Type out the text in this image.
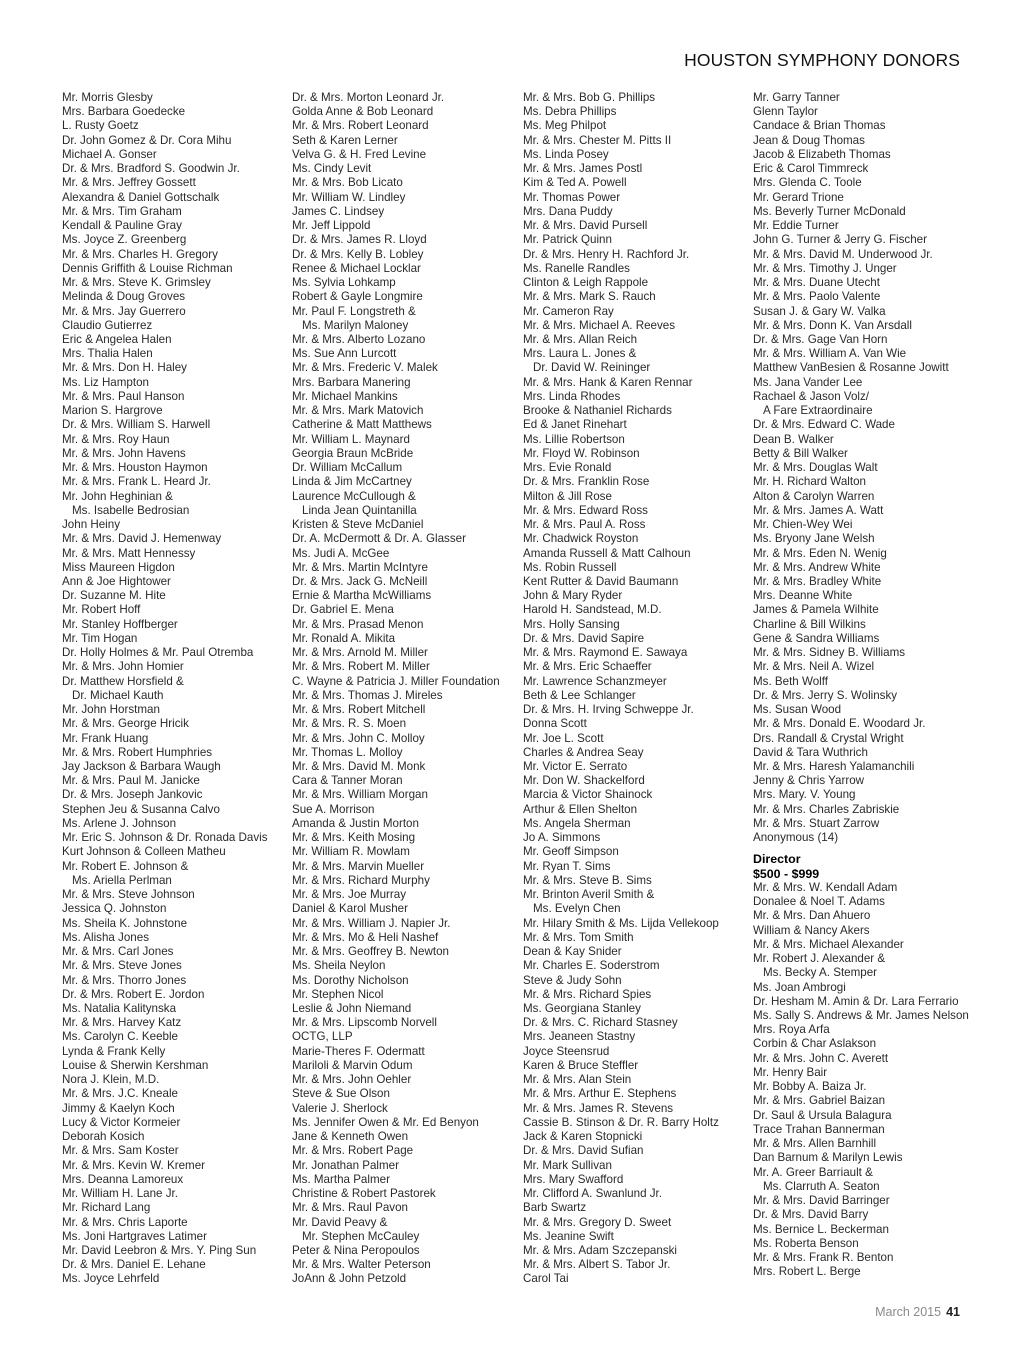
HOUSTON SYMPHONY DONORS
Mr. Morris Glesby
Mrs. Barbara Goedecke
L. Rusty Goetz
Dr. John Gomez & Dr. Cora Mihu
Michael A. Gonser
Dr. & Mrs. Bradford S. Goodwin Jr.
Mr. & Mrs. Jeffrey Gossett
Alexandra & Daniel Gottschalk
Mr. & Mrs. Tim Graham
Kendall & Pauline Gray
Ms. Joyce Z. Greenberg
Mr. & Mrs. Charles H. Gregory
Dennis Griffith & Louise Richman
Mr. & Mrs. Steve K. Grimsley
Melinda & Doug Groves
Mr. & Mrs. Jay Guerrero
Claudio Gutierrez
Eric & Angelea Halen
Mrs. Thalia Halen
Mr. & Mrs. Don H. Haley
Ms. Liz Hampton
Mr. & Mrs. Paul Hanson
Marion S. Hargrove
Dr. & Mrs. William S. Harwell
Mr. & Mrs. Roy Haun
Mr. & Mrs. John Havens
Mr. & Mrs. Houston Haymon
Mr. & Mrs. Frank L. Heard Jr.
Mr. John Heghinian &
Ms. Isabelle Bedrosian
John Heiny
Mr. & Mrs. David J. Hemenway
Mr. & Mrs. Matt Hennessy
Miss Maureen Higdon
Ann & Joe Hightower
Dr. Suzanne M. Hite
Mr. Robert Hoff
Mr. Stanley Hoffberger
Mr. Tim Hogan
Dr. Holly Holmes & Mr. Paul Otremba
Mr. & Mrs. John Homier
Dr. Matthew Horsfield &
Dr. Michael Kauth
Mr. John Horstman
Mr. & Mrs. George Hricik
Mr. Frank Huang
Mr. & Mrs. Robert Humphries
Jay Jackson & Barbara Waugh
Mr. & Mrs. Paul M. Janicke
Dr. & Mrs. Joseph Jankovic
Stephen Jeu & Susanna Calvo
Ms. Arlene J. Johnson
Mr. Eric S. Johnson & Dr. Ronada Davis
Kurt Johnson & Colleen Matheu
Mr. Robert E. Johnson &
Ms. Ariella Perlman
Mr. & Mrs. Steve Johnson
Jessica Q. Johnston
Ms. Sheila K. Johnstone
Ms. Alisha Jones
Mr. & Mrs. Carl Jones
Mr. & Mrs. Steve Jones
Mr. & Mrs. Thorro Jones
Dr. & Mrs. Robert E. Jordon
Ms. Natalia Kalitynska
Mr. & Mrs. Harvey Katz
Ms. Carolyn C. Keeble
Lynda & Frank Kelly
Louise & Sherwin Kershman
Nora J. Klein, M.D.
Mr. & Mrs. J.C. Kneale
Jimmy & Kaelyn Koch
Lucy & Victor Kormeier
Deborah Kosich
Mr. & Mrs. Sam Koster
Mr. & Mrs. Kevin W. Kremer
Mrs. Deanna Lamoreux
Mr. William H. Lane Jr.
Mr. Richard Lang
Mr. & Mrs. Chris Laporte
Ms. Joni Hartgraves Latimer
Mr. David Leebron & Mrs. Y. Ping Sun
Dr. & Mrs. Daniel E. Lehane
Ms. Joyce Lehrfeld
Dr. & Mrs. Morton Leonard Jr.
Golda Anne & Bob Leonard
Mr. & Mrs. Robert Leonard
Seth & Karen Lerner
Velva G. & H. Fred Levine
Ms. Cindy Levit
Mr. & Mrs. Bob Licato
Mr. William W. Lindley
James C. Lindsey
Mr. Jeff Lippold
Dr. & Mrs. James R. Lloyd
Dr. & Mrs. Kelly B. Lobley
Renee & Michael Locklar
Ms. Sylvia Lohkamp
Robert & Gayle Longmire
Mr. Paul F. Longstreth &
Ms. Marilyn Maloney
Mr. & Mrs. Alberto Lozano
Ms. Sue Ann Lurcott
Mr. & Mrs. Frederic V. Malek
Mrs. Barbara Manering
Mr. Michael Mankins
Mr. & Mrs. Mark Matovich
Catherine & Matt Matthews
Mr. William L. Maynard
Georgia Braun McBride
Dr. William McCallum
Linda & Jim McCartney
Laurence McCullough &
Linda Jean Quintanilla
Kristen & Steve McDaniel
Dr. A. McDermott & Dr. A. Glasser
Ms. Judi A. McGee
Mr. & Mrs. Martin McIntyre
Dr. & Mrs. Jack G. McNeill
Ernie & Martha McWilliams
Dr. Gabriel E. Mena
Mr. & Mrs. Prasad Menon
Mr. Ronald A. Mikita
Mr. & Mrs. Arnold M. Miller
Mr. & Mrs. Robert M. Miller
C. Wayne & Patricia J. Miller Foundation
Mr. & Mrs. Thomas J. Mireles
Mr. & Mrs. Robert Mitchell
Mr. & Mrs. R. S. Moen
Mr. & Mrs. John C. Molloy
Mr. Thomas L. Molloy
Mr. & Mrs. David M. Monk
Cara & Tanner Moran
Mr. & Mrs. William Morgan
Sue A. Morrison
Amanda & Justin Morton
Mr. & Mrs. Keith Mosing
Mr. William R. Mowlam
Mr. & Mrs. Marvin Mueller
Mr. & Mrs. Richard Murphy
Mr. & Mrs. Joe Murray
Daniel & Karol Musher
Mr. & Mrs. William J. Napier Jr.
Mr. & Mrs. Mo & Heli Nashef
Mr. & Mrs. Geoffrey B. Newton
Ms. Sheila Neylon
Ms. Dorothy Nicholson
Mr. Stephen Nicol
Leslie & John Niemand
Mr. & Mrs. Lipscomb Norvell
OCTG, LLP
Marie-Theres F. Odermatt
Mariloli & Marvin Odum
Mr. & Mrs. John Oehler
Steve & Sue Olson
Valerie J. Sherlock
Ms. Jennifer Owen & Mr. Ed Benyon
Jane & Kenneth Owen
Mr. & Mrs. Robert Page
Mr. Jonathan Palmer
Ms. Martha Palmer
Christine & Robert Pastorek
Mr. & Mrs. Raul Pavon
Mr. David Peavy &
Mr. Stephen McCauley
Peter & Nina Peropoulos
Mr. & Mrs. Walter Peterson
JoAnn & John Petzold
Mr. & Mrs. Bob G. Phillips
Ms. Debra Phillips
Ms. Meg Philpot
Mr. & Mrs. Chester M. Pitts II
Ms. Linda Posey
Mr. & Mrs. James Postl
Kim & Ted A. Powell
Mr. Thomas Power
Mrs. Dana Puddy
Mr. & Mrs. David Pursell
Mr. Patrick Quinn
Dr. & Mrs. Henry H. Rachford Jr.
Ms. Ranelle Randles
Clinton & Leigh Rappole
Mr. & Mrs. Mark S. Rauch
Mr. Cameron Ray
Mr. & Mrs. Michael A. Reeves
Mr. & Mrs. Allan Reich
Mrs. Laura L. Jones &
Dr. David W. Reininger
Mr. & Mrs. Hank & Karen Rennar
Mrs. Linda Rhodes
Brooke & Nathaniel Richards
Ed & Janet Rinehart
Ms. Lillie Robertson
Mr. Floyd W. Robinson
Mrs. Evie Ronald
Dr. & Mrs. Franklin Rose
Milton & Jill Rose
Mr. & Mrs. Edward Ross
Mr. & Mrs. Paul A. Ross
Mr. Chadwick Royston
Amanda Russell & Matt Calhoun
Ms. Robin Russell
Kent Rutter & David Baumann
John & Mary Ryder
Harold H. Sandstead, M.D.
Mrs. Holly Sansing
Dr. & Mrs. David Sapire
Mr. & Mrs. Raymond E. Sawaya
Mr. & Mrs. Eric Schaeffer
Mr. Lawrence Schanzmeyer
Beth & Lee Schlanger
Dr. & Mrs. H. Irving Schweppe Jr.
Donna Scott
Mr. Joe L. Scott
Charles & Andrea Seay
Mr. Victor E. Serrato
Mr. Don W. Shackelford
Marcia & Victor Shainock
Arthur & Ellen Shelton
Ms. Angela Sherman
Jo A. Simmons
Mr. Geoff Simpson
Mr. Ryan T. Sims
Mr. & Mrs. Steve B. Sims
Mr. Brinton Averil Smith &
Ms. Evelyn Chen
Mr. Hilary Smith & Ms. Lijda Vellekoop
Mr. & Mrs. Tom Smith
Dean & Kay Snider
Mr. Charles E. Soderstrom
Steve & Judy Sohn
Mr. & Mrs. Richard Spies
Ms. Georgiana Stanley
Dr. & Mrs. C. Richard Stasney
Mrs. Jeaneen Stastny
Joyce Steensrud
Karen & Bruce Steffler
Mr. & Mrs. Alan Stein
Mr. & Mrs. Arthur E. Stephens
Mr. & Mrs. James R. Stevens
Cassie B. Stinson & Dr. R. Barry Holtz
Jack & Karen Stopnicki
Dr. & Mrs. David Sufian
Mr. Mark Sullivan
Mrs. Mary Swafford
Mr. Clifford A. Swanlund Jr.
Barb Swartz
Mr. & Mrs. Gregory D. Sweet
Ms. Jeanine Swift
Mr. & Mrs. Adam Szczepanski
Mr. & Mrs. Albert S. Tabor Jr.
Carol Tai
Mr. Garry Tanner
Glenn Taylor
Candace & Brian Thomas
Jean & Doug Thomas
Jacob & Elizabeth Thomas
Eric & Carol Timmreck
Mrs. Glenda C. Toole
Mr. Gerard Trione
Ms. Beverly Turner McDonald
Mr. Eddie Turner
John G. Turner & Jerry G. Fischer
Mr. & Mrs. David M. Underwood Jr.
Mr. & Mrs. Timothy J. Unger
Mr. & Mrs. Duane Utecht
Mr. & Mrs. Paolo Valente
Susan J. & Gary W. Valka
Mr. & Mrs. Donn K. Van Arsdall
Dr. & Mrs. Gage Van Horn
Mr. & Mrs. William A. Van Wie
Matthew VanBesien & Rosanne Jowitt
Ms. Jana Vander Lee
Rachael & Jason Volz/
A Fare Extraordinaire
Dr. & Mrs. Edward C. Wade
Dean B. Walker
Betty & Bill Walker
Mr. & Mrs. Douglas Walt
Mr. H. Richard Walton
Alton & Carolyn Warren
Mr. & Mrs. James A. Watt
Mr. Chien-Wey Wei
Ms. Bryony Jane Welsh
Mr. & Mrs. Eden N. Wenig
Mr. & Mrs. Andrew White
Mr. & Mrs. Bradley White
Mrs. Deanne White
James & Pamela Wilhite
Charline & Bill Wilkins
Gene & Sandra Williams
Mr. & Mrs. Sidney B. Williams
Mr. & Mrs. Neil A. Wizel
Ms. Beth Wolff
Dr. & Mrs. Jerry S. Wolinsky
Ms. Susan Wood
Mr. & Mrs. Donald E. Woodard Jr.
Drs. Randall & Crystal Wright
David & Tara Wuthrich
Mr. & Mrs. Haresh Yalamanchili
Jenny & Chris Yarrow
Mrs. Mary. V. Young
Mr. & Mrs. Charles Zabriskie
Mr. & Mrs. Stuart Zarrow
Anonymous (14)
Director
$500 - $999
Mr. & Mrs. W. Kendall Adam
Donalee & Noel T. Adams
Mr. & Mrs. Dan Ahuero
William & Nancy Akers
Mr. & Mrs. Michael Alexander
Mr. Robert J. Alexander &
Ms. Becky A. Stemper
Ms. Joan Ambrogi
Dr. Hesham M. Amin & Dr. Lara Ferrario
Ms. Sally S. Andrews & Mr. James Nelson
Mrs. Roya Arfa
Corbin & Char Aslakson
Mr. & Mrs. John C. Averett
Mr. Henry Bair
Mr. Bobby A. Baiza Jr.
Mr. & Mrs. Gabriel Baizan
Dr. Saul & Ursula Balagura
Trace Trahan Bannerman
Mr. & Mrs. Allen Barnhill
Dan Barnum & Marilyn Lewis
Mr. A. Greer Barriault &
Ms. Clarruth A. Seaton
Mr. & Mrs. David Barringer
Dr. & Mrs. David Barry
Ms. Bernice L. Beckerman
Ms. Roberta Benson
Mr. & Mrs. Frank R. Benton
Mrs. Robert L. Berge
March 2015 41
